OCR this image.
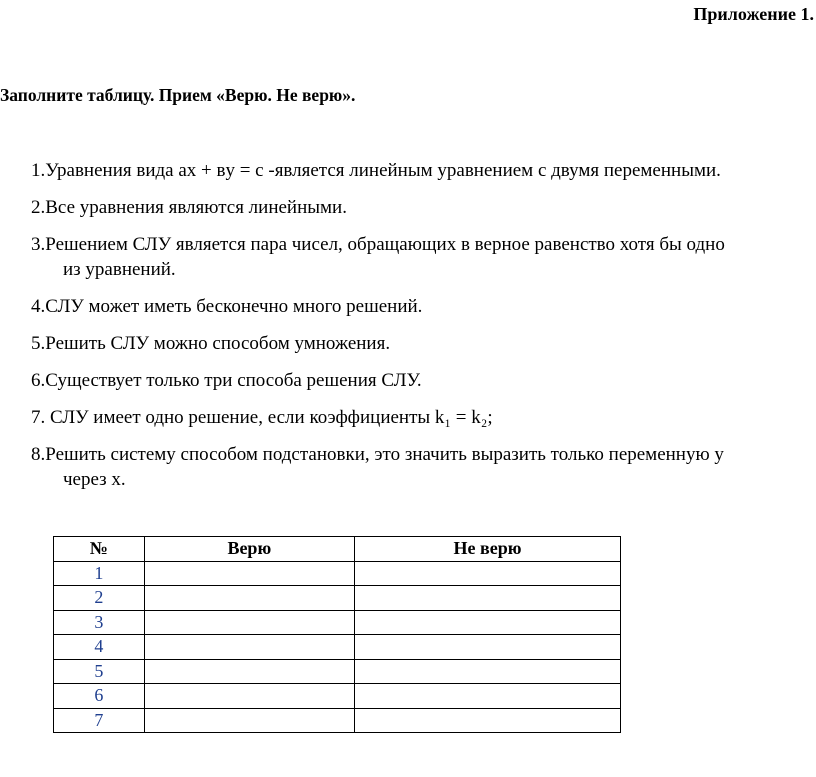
Приложение 1.
Заполните таблицу. Прием «Верю. Не верю».
1.Уравнения вида ax + вy = c -является линейным уравнением с двумя переменными.
2.Все уравнения являются линейными.
3.Решением СЛУ является пара чисел, обращающих в верное равенство хотя бы одно
из уравнений.
4.СЛУ может иметь бесконечно много решений.
5.Решить СЛУ можно способом умножения.
6.Существует только три способа решения СЛУ.
7. СЛУ имеет одно решение, если коэффициенты k₁ = k₂;
8.Решить систему способом подстановки, это значить выразить только переменную у
через х.
№	Верю	Не верю
1		
2		
3		
4		
5		
6		
7		
